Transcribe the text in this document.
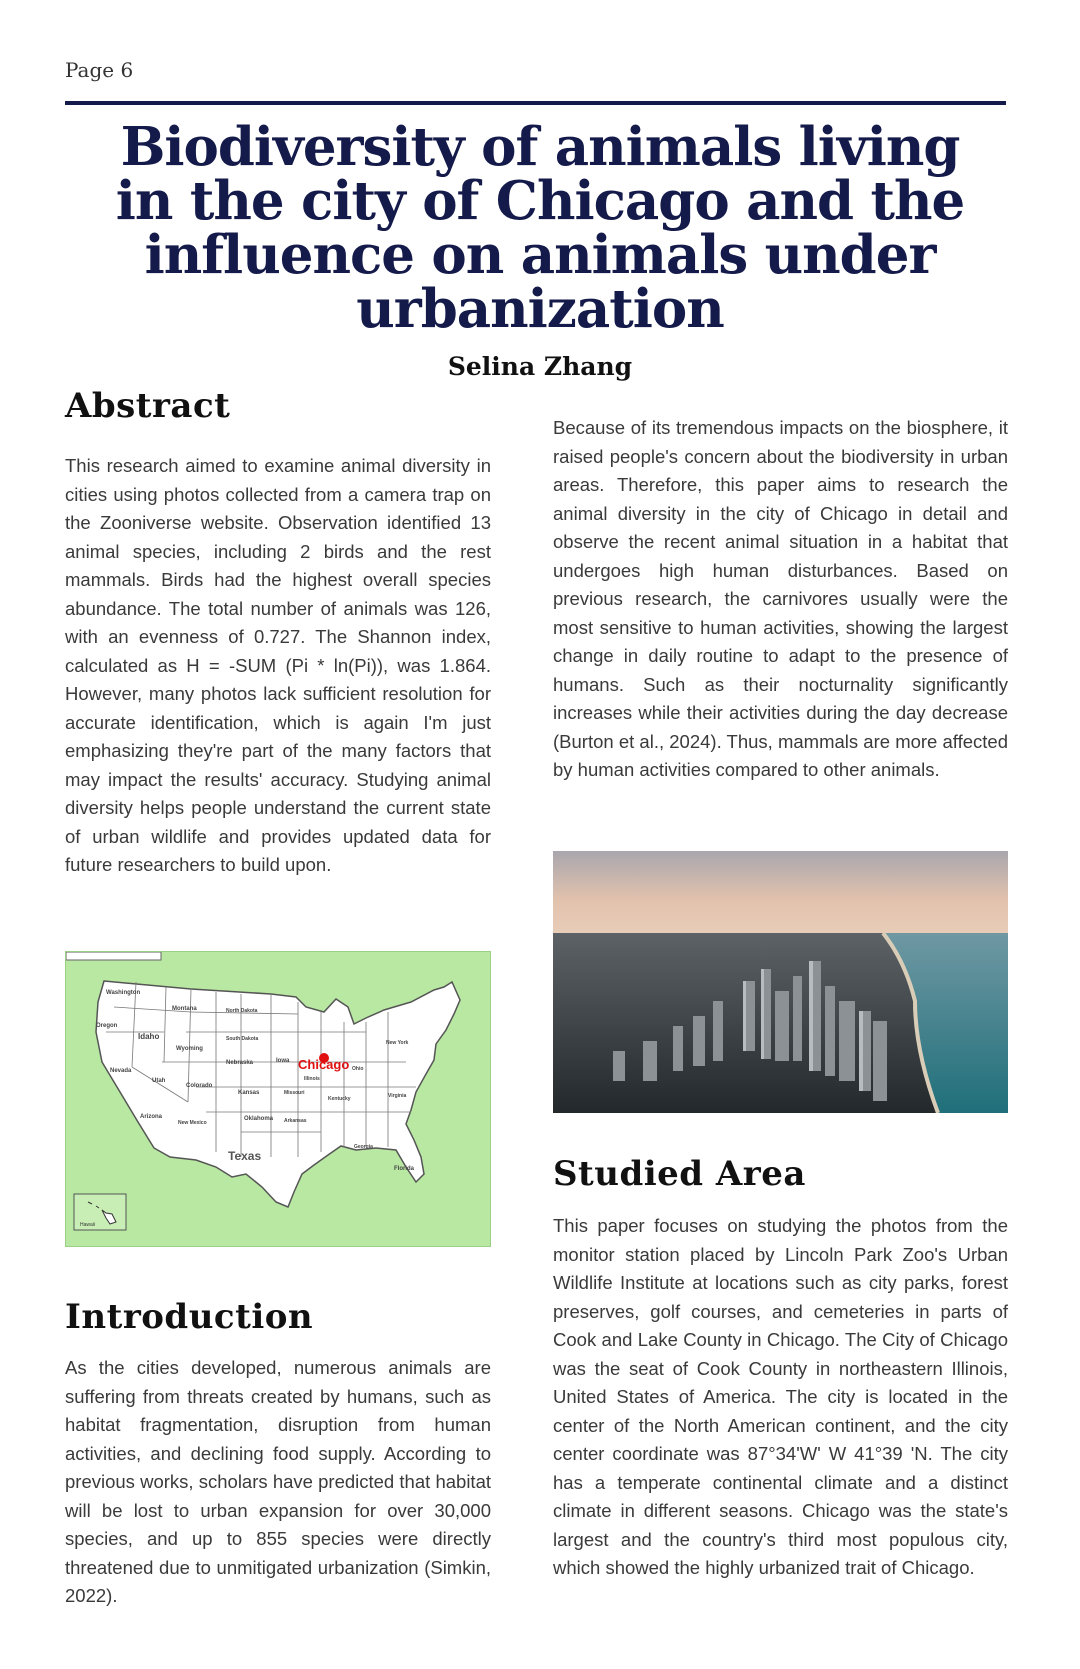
Page 6
Biodiversity of animals living in the city of Chicago and the influence on animals under urbanization
Selina Zhang
Abstract

This research aimed to examine animal diversity in cities using photos collected from a camera trap on the Zooniverse website. Observation identified 13 animal species, including 2 birds and the rest mammals. Birds had the highest overall species abundance. The total number of animals was 126, with an evenness of 0.727. The Shannon index, calculated as H = -SUM (Pi * ln(Pi)), was 1.864. However, many photos lack sufficient resolution for accurate identification, which is again I'm just emphasizing they're part of the many factors that may impact the results' accuracy. Studying animal diversity helps people understand the current state of urban wildlife and provides updated data for future researchers to build upon.

Because of its tremendous impacts on the biosphere, it raised people's concern about the biodiversity in urban areas. Therefore, this paper aims to research the animal diversity in the city of Chicago in detail and observe the recent animal situation in a habitat that undergoes high human disturbances. Based on previous research, the carnivores usually were the most sensitive to human activities, showing the largest change in daily routine to adapt to the presence of humans. Such as their nocturnality significantly increases while their activities during the day decrease (Burton et al., 2024). Thus, mammals are more affected by human activities compared to other animals.

Hawaii
Washington
Oregon
Idaho
Montana	North Dakota
South Dakota
Wyoming
Nevada
Utah
Colorado
Nebraska
Kansas
Iowa
Arizona
New Mexico
Oklahoma
Texas
Missouri
Illinois
Arkansas
Kentucky
Ohio
Virginia
New York
Georgia
Florida
Chicago
Studied Area

This paper focuses on studying the photos from the monitor station placed by Lincoln Park Zoo's Urban Wildlife Institute at locations such as city parks, forest preserves, golf courses, and cemeteries in parts of Cook and Lake County in Chicago. The City of Chicago was the seat of Cook County in northeastern Illinois, United States of America. The city is located in the center of the North American continent, and the city center coordinate was 87°34'W' W 41°39 'N. The city has a temperate continental climate and a distinct climate in different seasons. Chicago was the state's largest and the country's third most populous city, which showed the highly urbanized trait of Chicago.

Introduction

As the cities developed, numerous animals are suffering from threats created by humans, such as habitat fragmentation, disruption from human activities, and declining food supply. According to previous works, scholars have predicted that habitat will be lost to urban expansion for over 30,000 species, and up to 855 species were directly threatened due to unmitigated urbanization (Simkin, 2022).
